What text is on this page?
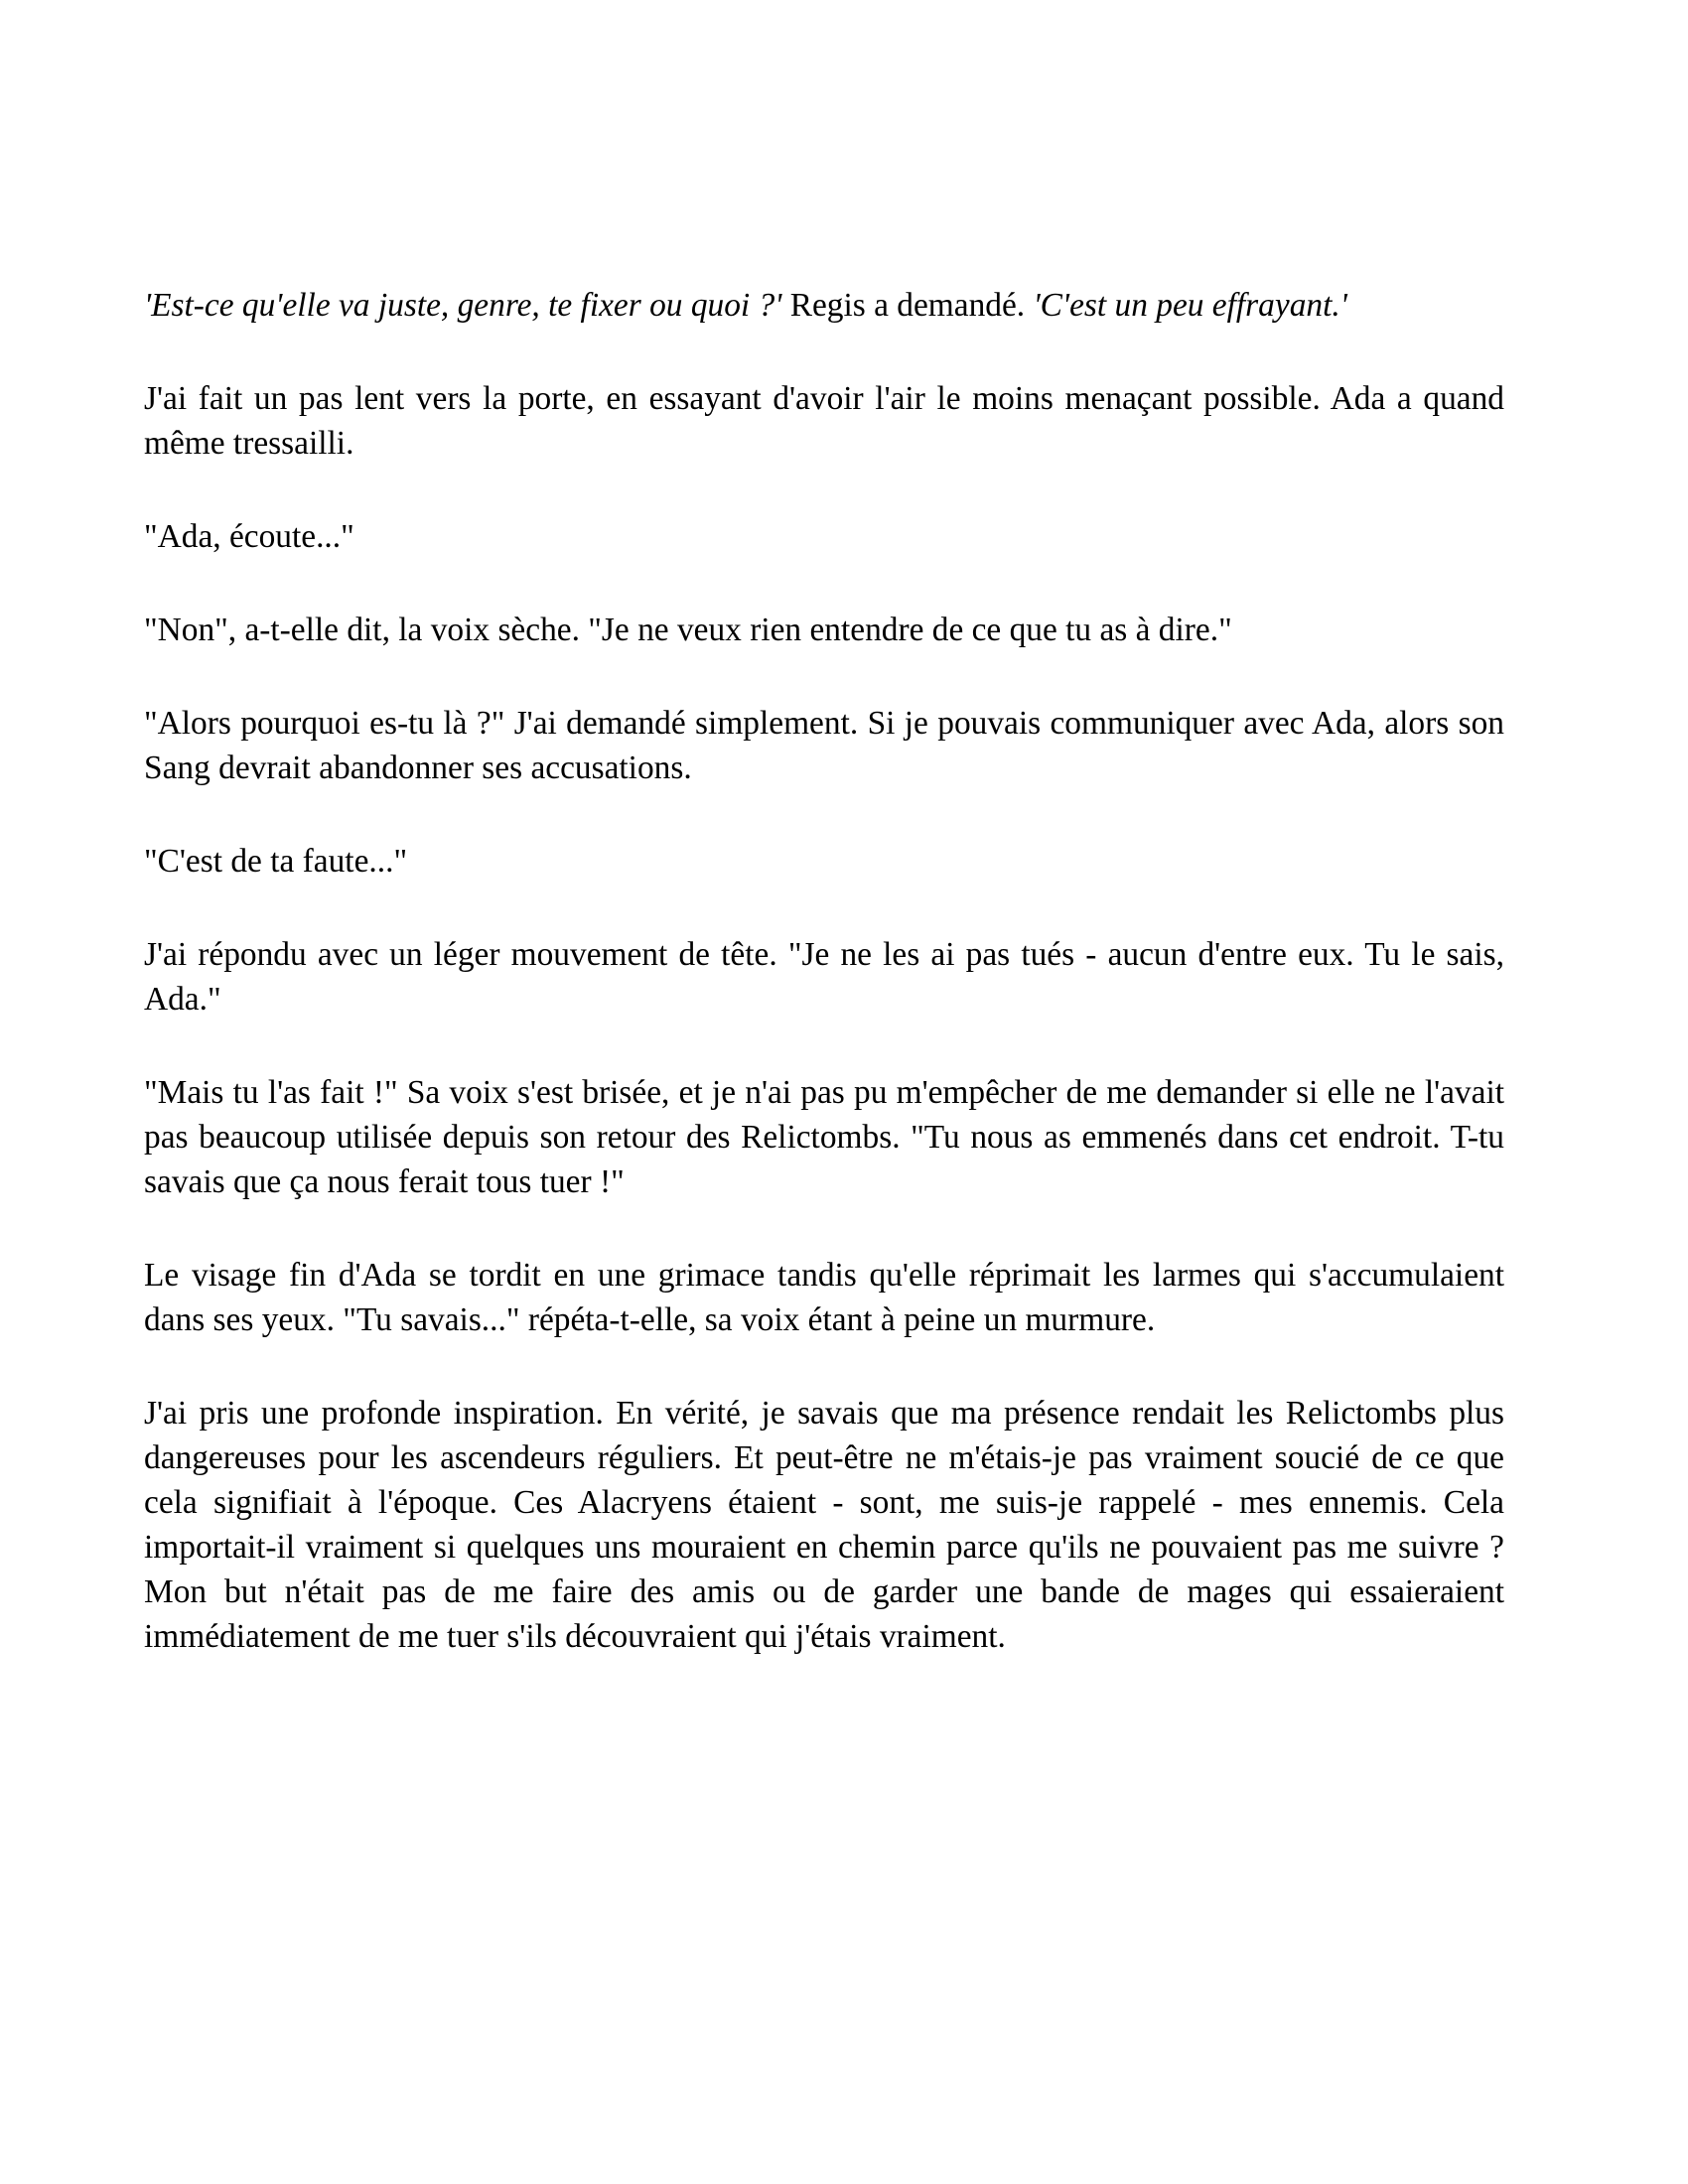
'Est-ce qu'elle va juste, genre, te fixer ou quoi ?' Regis a demandé. 'C'est un peu effrayant.'

J'ai fait un pas lent vers la porte, en essayant d'avoir l'air le moins menaçant possible. Ada a quand même tressailli.

"Ada, écoute..."

"Non", a-t-elle dit, la voix sèche. "Je ne veux rien entendre de ce que tu as à dire."

"Alors pourquoi es-tu là ?" J'ai demandé simplement. Si je pouvais communiquer avec Ada, alors son Sang devrait abandonner ses accusations.

"C'est de ta faute..."

J'ai répondu avec un léger mouvement de tête. "Je ne les ai pas tués - aucun d'entre eux. Tu le sais, Ada."

"Mais tu l'as fait !" Sa voix s'est brisée, et je n'ai pas pu m'empêcher de me demander si elle ne l'avait pas beaucoup utilisée depuis son retour des Relictombs. "Tu nous as emmenés dans cet endroit. T-tu savais que ça nous ferait tous tuer !"

Le visage fin d'Ada se tordit en une grimace tandis qu'elle réprimait les larmes qui s'accumulaient dans ses yeux. "Tu savais..." répéta-t-elle, sa voix étant à peine un murmure.

J'ai pris une profonde inspiration. En vérité, je savais que ma présence rendait les Relictombs plus dangereuses pour les ascendeurs réguliers. Et peut-être ne m'étais-je pas vraiment soucié de ce que cela signifiait à l'époque. Ces Alacryens étaient - sont, me suis-je rappelé - mes ennemis. Cela importait-il vraiment si quelques uns mouraient en chemin parce qu'ils ne pouvaient pas me suivre ? Mon but n'était pas de me faire des amis ou de garder une bande de mages qui essaieraient immédiatement de me tuer s'ils découvraient qui j'étais vraiment.
